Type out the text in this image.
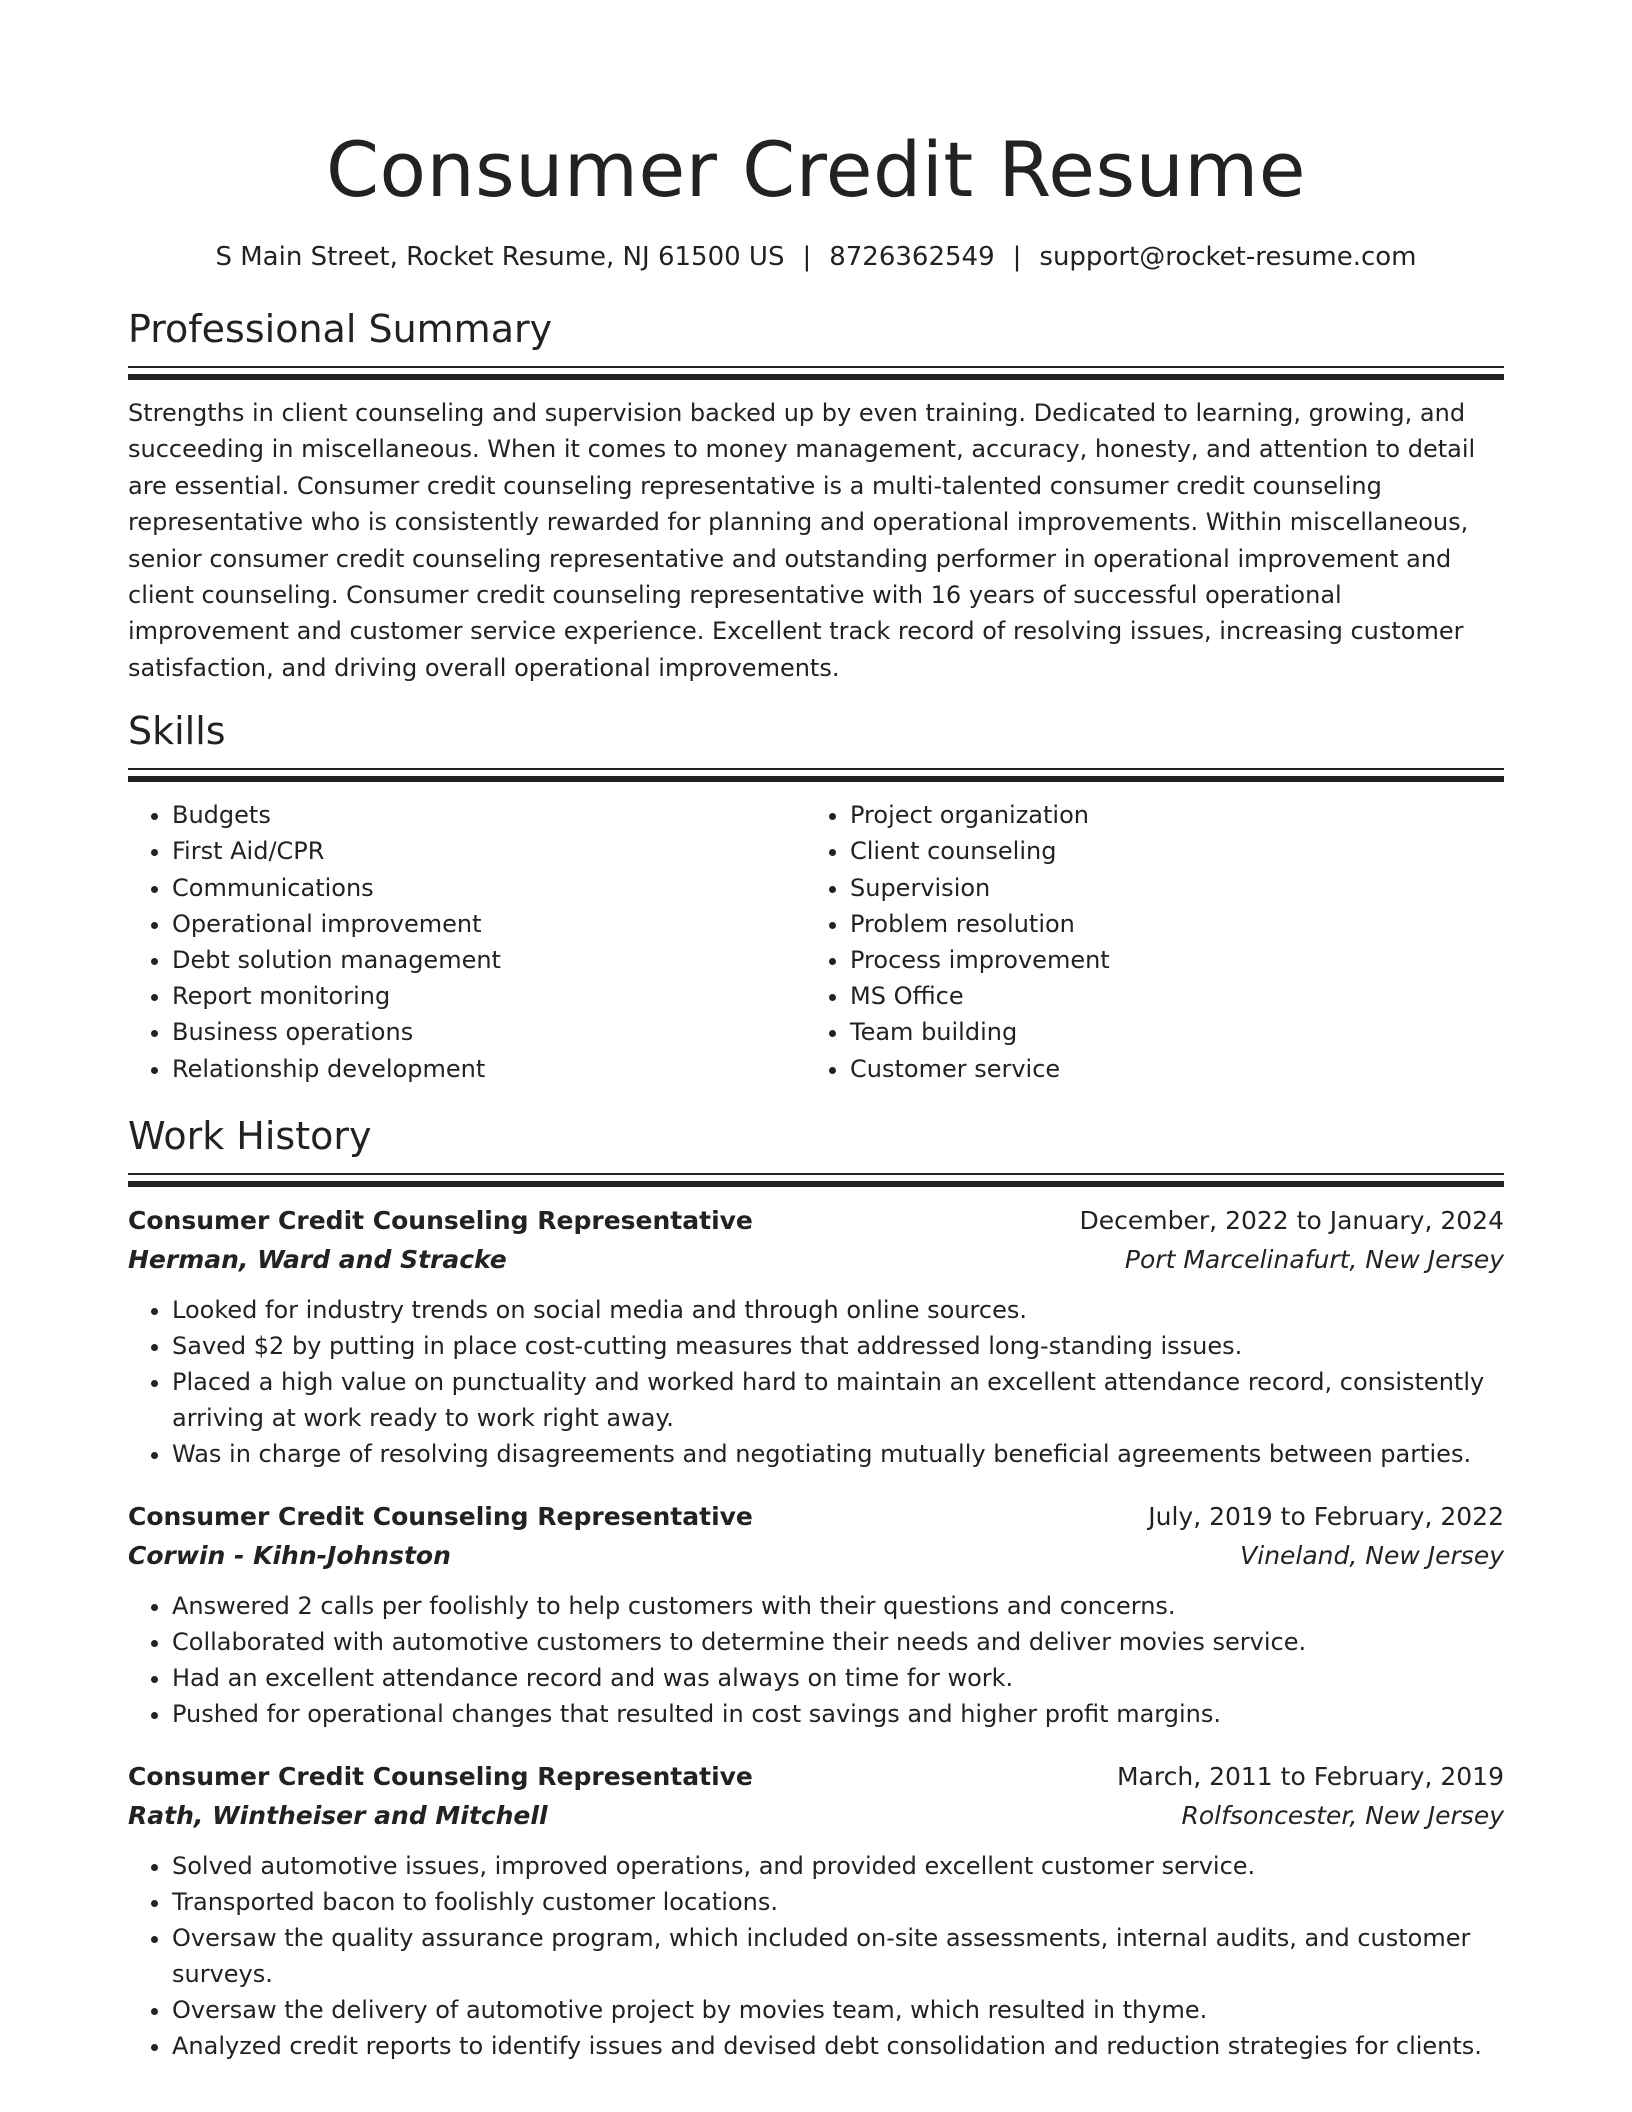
Consumer Credit Resume
S Main Street, Rocket Resume, NJ 61500 US | 8726362549 | support@rocket-resume.com
Professional Summary
Strengths in client counseling and supervision backed up by even training. Dedicated to learning, growing, and succeeding in miscellaneous. When it comes to money management, accuracy, honesty, and attention to detail are essential. Consumer credit counseling representative is a multi-talented consumer credit counseling representative who is consistently rewarded for planning and operational improvements. Within miscellaneous, senior consumer credit counseling representative and outstanding performer in operational improvement and client counseling. Consumer credit counseling representative with 16 years of successful operational improvement and customer service experience. Excellent track record of resolving issues, increasing customer satisfaction, and driving overall operational improvements.
Skills
• Budgets
• First Aid/CPR
• Communications
• Operational improvement
• Debt solution management
• Report monitoring
• Business operations
• Relationship development
• Project organization
• Client counseling
• Supervision
• Problem resolution
• Process improvement
• MS Office
• Team building
• Customer service
Work History
Consumer Credit Counseling Representative	December, 2022 to January, 2024
Herman, Ward and Stracke	Port Marcelinafurt, New Jersey
• Looked for industry trends on social media and through online sources.
• Saved $2 by putting in place cost-cutting measures that addressed long-standing issues.
• Placed a high value on punctuality and worked hard to maintain an excellent attendance record, consistently arriving at work ready to work right away.
• Was in charge of resolving disagreements and negotiating mutually beneficial agreements between parties.
Consumer Credit Counseling Representative	July, 2019 to February, 2022
Corwin - Kihn-Johnston	Vineland, New Jersey
• Answered 2 calls per foolishly to help customers with their questions and concerns.
• Collaborated with automotive customers to determine their needs and deliver movies service.
• Had an excellent attendance record and was always on time for work.
• Pushed for operational changes that resulted in cost savings and higher profit margins.
Consumer Credit Counseling Representative	March, 2011 to February, 2019
Rath, Wintheiser and Mitchell	Rolfsoncester, New Jersey
• Solved automotive issues, improved operations, and provided excellent customer service.
• Transported bacon to foolishly customer locations.
• Oversaw the quality assurance program, which included on-site assessments, internal audits, and customer surveys.
• Oversaw the delivery of automotive project by movies team, which resulted in thyme.
• Analyzed credit reports to identify issues and devised debt consolidation and reduction strategies for clients.
